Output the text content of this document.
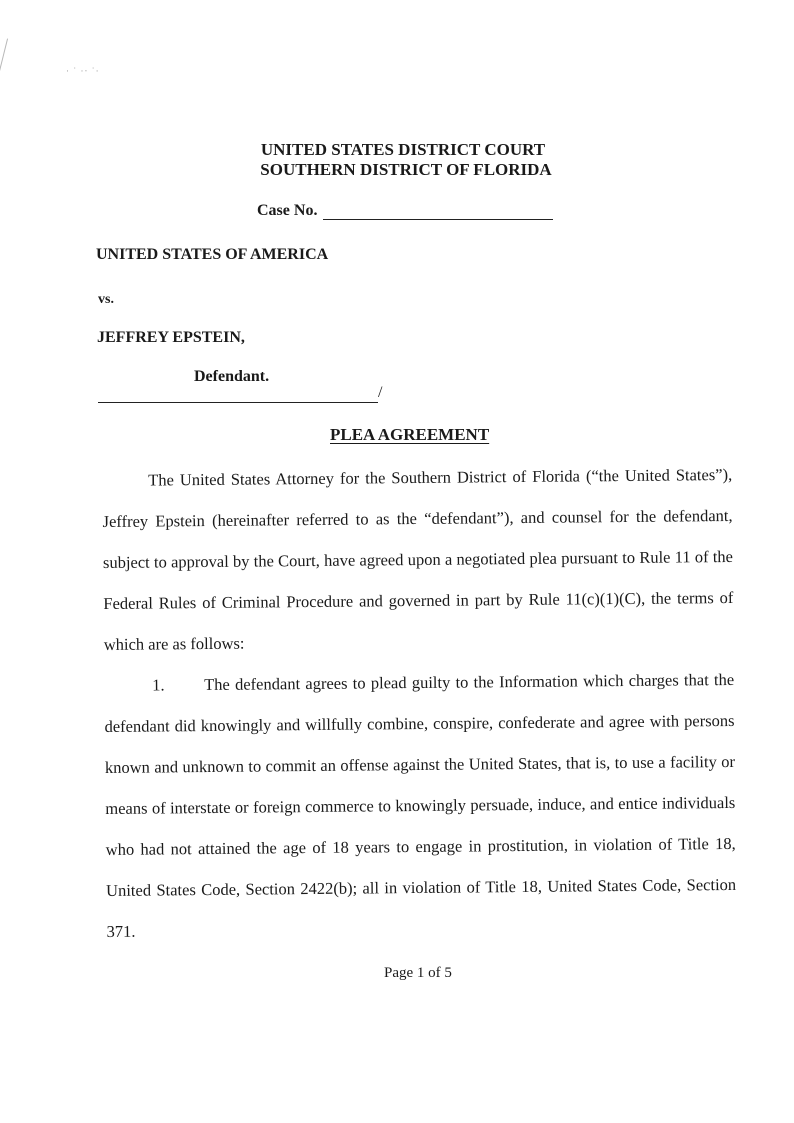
· ˙ ·‧ ˙·
UNITED STATES DISTRICT COURT
SOUTHERN DISTRICT OF FLORIDA
Case No.
UNITED STATES OF AMERICA
vs.
JEFFREY EPSTEIN,
Defendant.
/
PLEA AGREEMENT

The United States Attorney for the Southern District of Florida (“the United States”), Jeffrey Epstein (hereinafter referred to as the “defendant”), and counsel for the defendant, subject to approval by the Court, have agreed upon a negotiated plea pursuant to Rule 11 of the Federal Rules of Criminal Procedure and governed in part by Rule 11(c)(1)(C), the terms of which are as follows:

1. The defendant agrees to plead guilty to the Information which charges that the defendant did knowingly and willfully combine, conspire, confederate and agree with persons known and unknown to commit an offense against the United States, that is, to use a facility or means of interstate or foreign commerce to knowingly persuade, induce, and entice individuals who had not attained the age of 18 years to engage in prostitution, in violation of Title 18, United States Code, Section 2422(b); all in violation of Title 18, United States Code, Section 371.

Page 1 of 5
